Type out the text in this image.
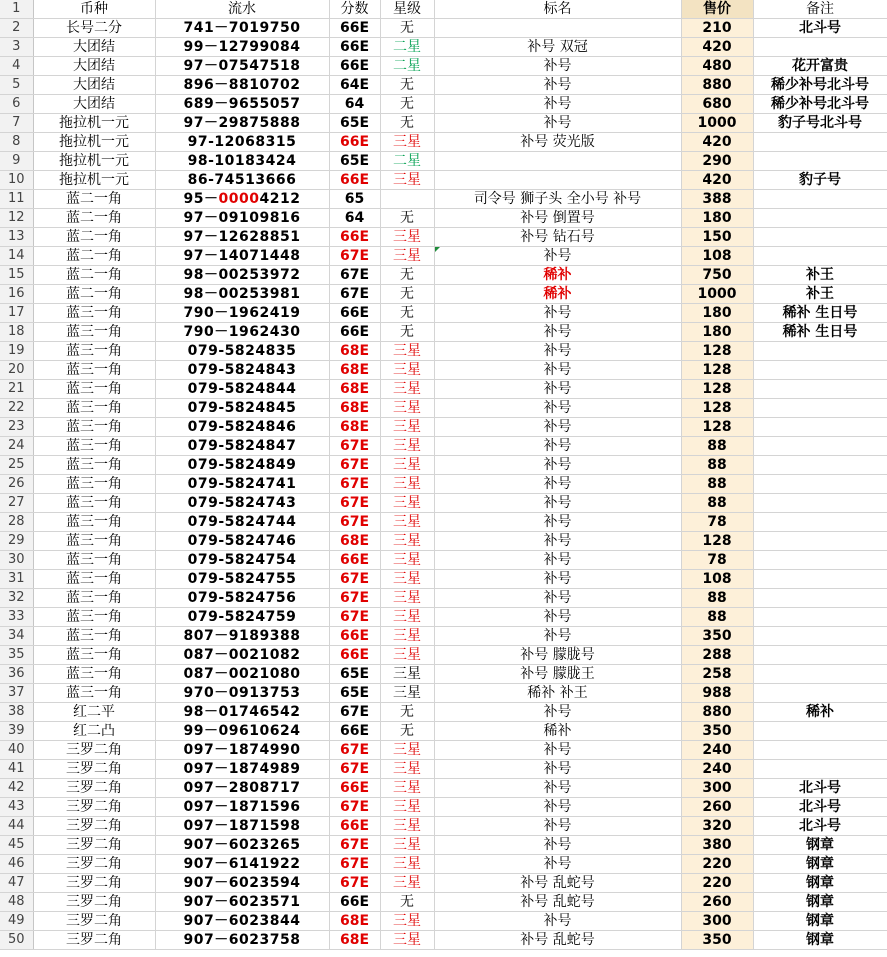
1	币种	流水	分数	星级	标名	售价	备注
2	长号二分	741－7019750	66E	无		210	北斗号
3	大团结	99－12799084	66E	二星	补号 双冠	420	
4	大团结	97－07547518	66E	二星	补号	480	花开富贵
5	大团结	896－8810702	64E	无	补号	880	稀少补号北斗号
6	大团结	689－9655057	64	无	补号	680	稀少补号北斗号
7	拖拉机一元	97－29875888	65E	无	补号	1000	豹子号北斗号
8	拖拉机一元	97-12068315	66E	三星	补号 荧光版	420	
9	拖拉机一元	98-10183424	65E	二星		290	
10	拖拉机一元	86-74513666	66E	三星		420	豹子号
11	蓝二一角	95－00004212	65		司令号 狮子头 全小号 补号	388	
12	蓝二一角	97－09109816	64	无	补号 倒置号	180	
13	蓝二一角	97－12628851	66E	三星	补号 钻石号	150	
14	蓝二一角	97－14071448	67E	三星	补号	108	
15	蓝二一角	98－00253972	67E	无	稀补	750	补王
16	蓝二一角	98－00253981	67E	无	稀补	1000	补王
17	蓝三一角	790－1962419	66E	无	补号	180	稀补 生日号
18	蓝三一角	790－1962430	66E	无	补号	180	稀补 生日号
19	蓝三一角	079-5824835	68E	三星	补号	128	
20	蓝三一角	079-5824843	68E	三星	补号	128	
21	蓝三一角	079-5824844	68E	三星	补号	128	
22	蓝三一角	079-5824845	68E	三星	补号	128	
23	蓝三一角	079-5824846	68E	三星	补号	128	
24	蓝三一角	079-5824847	67E	三星	补号	88	
25	蓝三一角	079-5824849	67E	三星	补号	88	
26	蓝三一角	079-5824741	67E	三星	补号	88	
27	蓝三一角	079-5824743	67E	三星	补号	88	
28	蓝三一角	079-5824744	67E	三星	补号	78	
29	蓝三一角	079-5824746	68E	三星	补号	128	
30	蓝三一角	079-5824754	66E	三星	补号	78	
31	蓝三一角	079-5824755	67E	三星	补号	108	
32	蓝三一角	079-5824756	67E	三星	补号	88	
33	蓝三一角	079-5824759	67E	三星	补号	88	
34	蓝三一角	807－9189388	66E	三星	补号	350	
35	蓝三一角	087－0021082	66E	三星	补号 朦胧号	288	
36	蓝三一角	087－0021080	65E	三星	补号 朦胧王	258	
37	蓝三一角	970－0913753	65E	三星	稀补 补王	988	
38	红二平	98－01746542	67E	无	补号	880	稀补
39	红二凸	99－09610624	66E	无	稀补	350	
40	三罗二角	097－1874990	67E	三星	补号	240	
41	三罗二角	097－1874989	67E	三星	补号	240	
42	三罗二角	097－2808717	66E	三星	补号	300	北斗号
43	三罗二角	097－1871596	67E	三星	补号	260	北斗号
44	三罗二角	097－1871598	66E	三星	补号	320	北斗号
45	三罗二角	907－6023265	67E	三星	补号	380	钢章
46	三罗二角	907－6141922	67E	三星	补号	220	钢章
47	三罗二角	907－6023594	67E	三星	补号 乱蛇号	220	钢章
48	三罗二角	907－6023571	66E	无	补号 乱蛇号	260	钢章
49	三罗二角	907－6023844	68E	三星	补号	300	钢章
50	三罗二角	907－6023758	68E	三星	补号 乱蛇号	350	钢章
